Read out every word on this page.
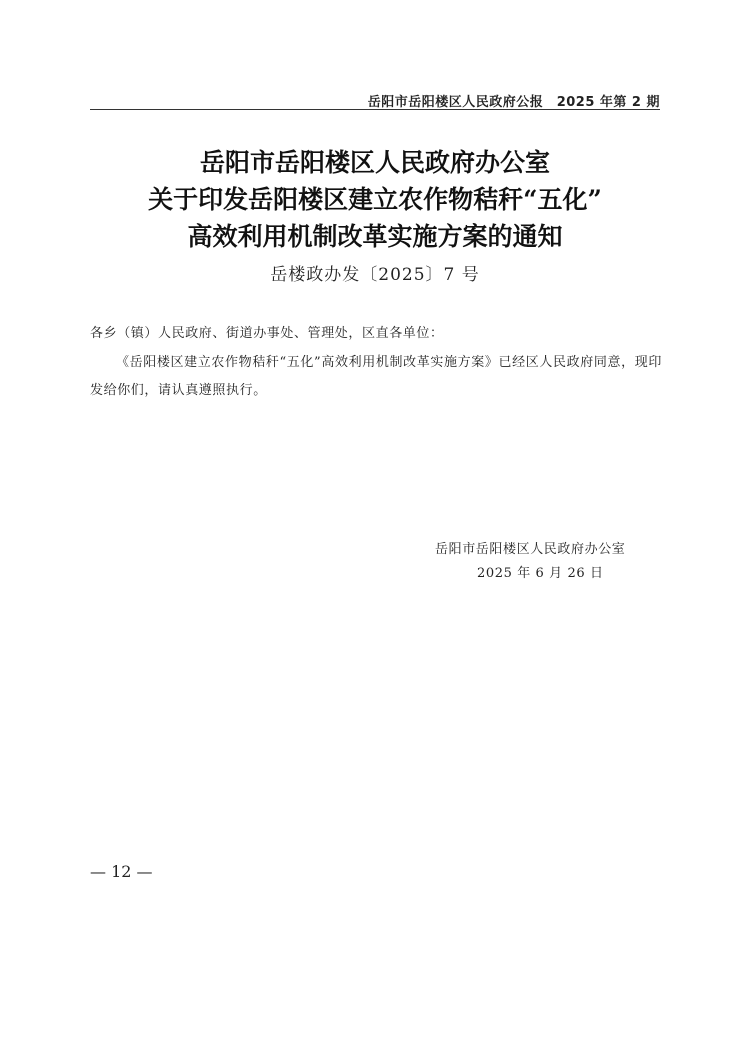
岳阳市岳阳楼区人民政府公报　2025 年第 2 期
岳阳市岳阳楼区人民政府办公室
关于印发岳阳楼区建立农作物秸秆“五化”
高效利用机制改革实施方案的通知
岳楼政办发〔2025〕7 号
各乡（镇）人民政府、街道办事处、管理处，区直各单位：
《岳阳楼区建立农作物秸秆“五化”高效利用机制改革实施方案》已经区人民政府同意，现印发给你们，请认真遵照执行。
岳阳市岳阳楼区人民政府办公室
2025 年 6 月 26 日
— 12 —
